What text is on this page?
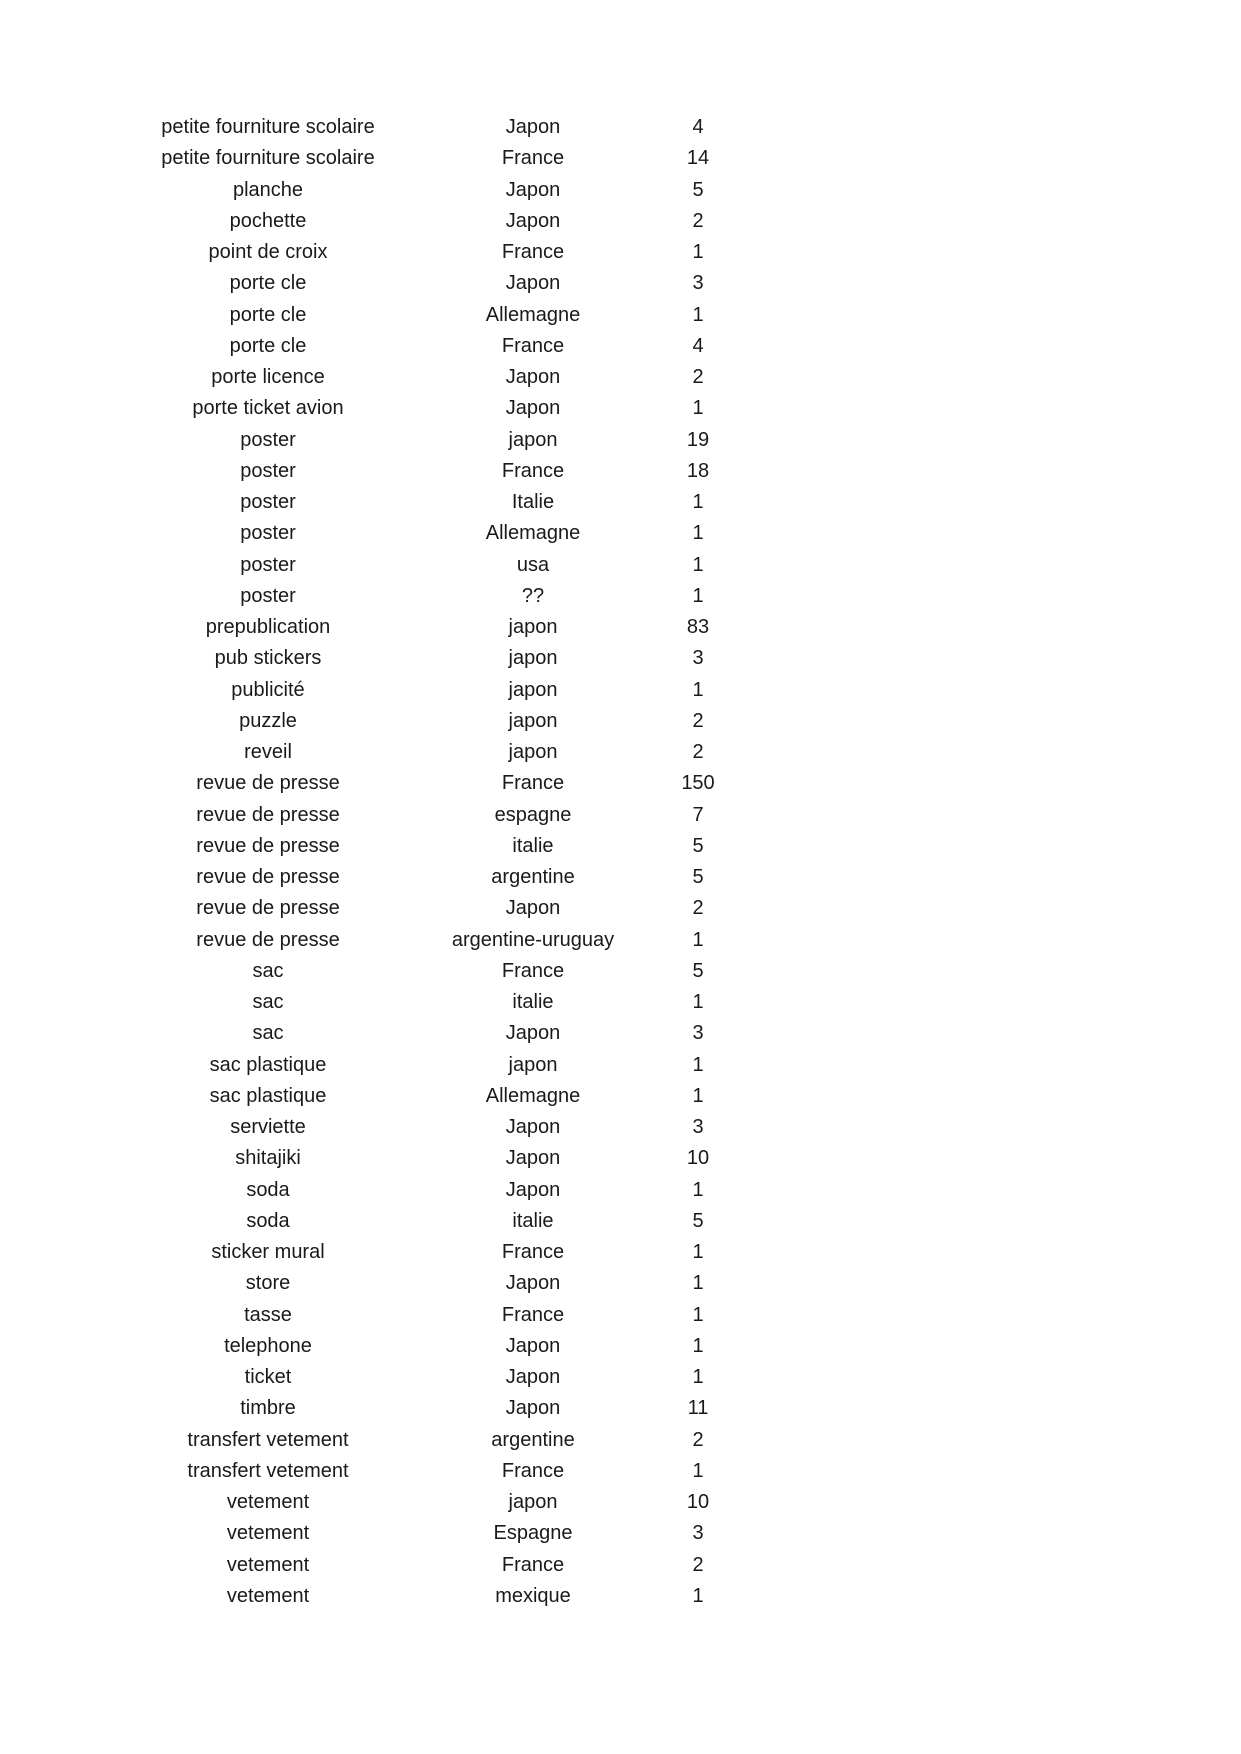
petite fourniture scolaire	Japon	4
petite fourniture scolaire	France	14
planche	Japon	5
pochette	Japon	2
point de croix	France	1
porte cle	Japon	3
porte cle	Allemagne	1
porte cle	France	4
porte licence	Japon	2
porte ticket avion	Japon	1
poster	japon	19
poster	France	18
poster	Italie	1
poster	Allemagne	1
poster	usa	1
poster	??	1
prepublication	japon	83
pub stickers	japon	3
publicité	japon	1
puzzle	japon	2
reveil	japon	2
revue de presse	France	150
revue de presse	espagne	7
revue de presse	italie	5
revue de presse	argentine	5
revue de presse	Japon	2
revue de presse	argentine-uruguay	1
sac	France	5
sac	italie	1
sac	Japon	3
sac plastique	japon	1
sac plastique	Allemagne	1
serviette	Japon	3
shitajiki	Japon	10
soda	Japon	1
soda	italie	5
sticker mural	France	1
store	Japon	1
tasse	France	1
telephone	Japon	1
ticket	Japon	1
timbre	Japon	11
transfert vetement	argentine	2
transfert vetement	France	1
vetement	japon	10
vetement	Espagne	3
vetement	France	2
vetement	mexique	1
